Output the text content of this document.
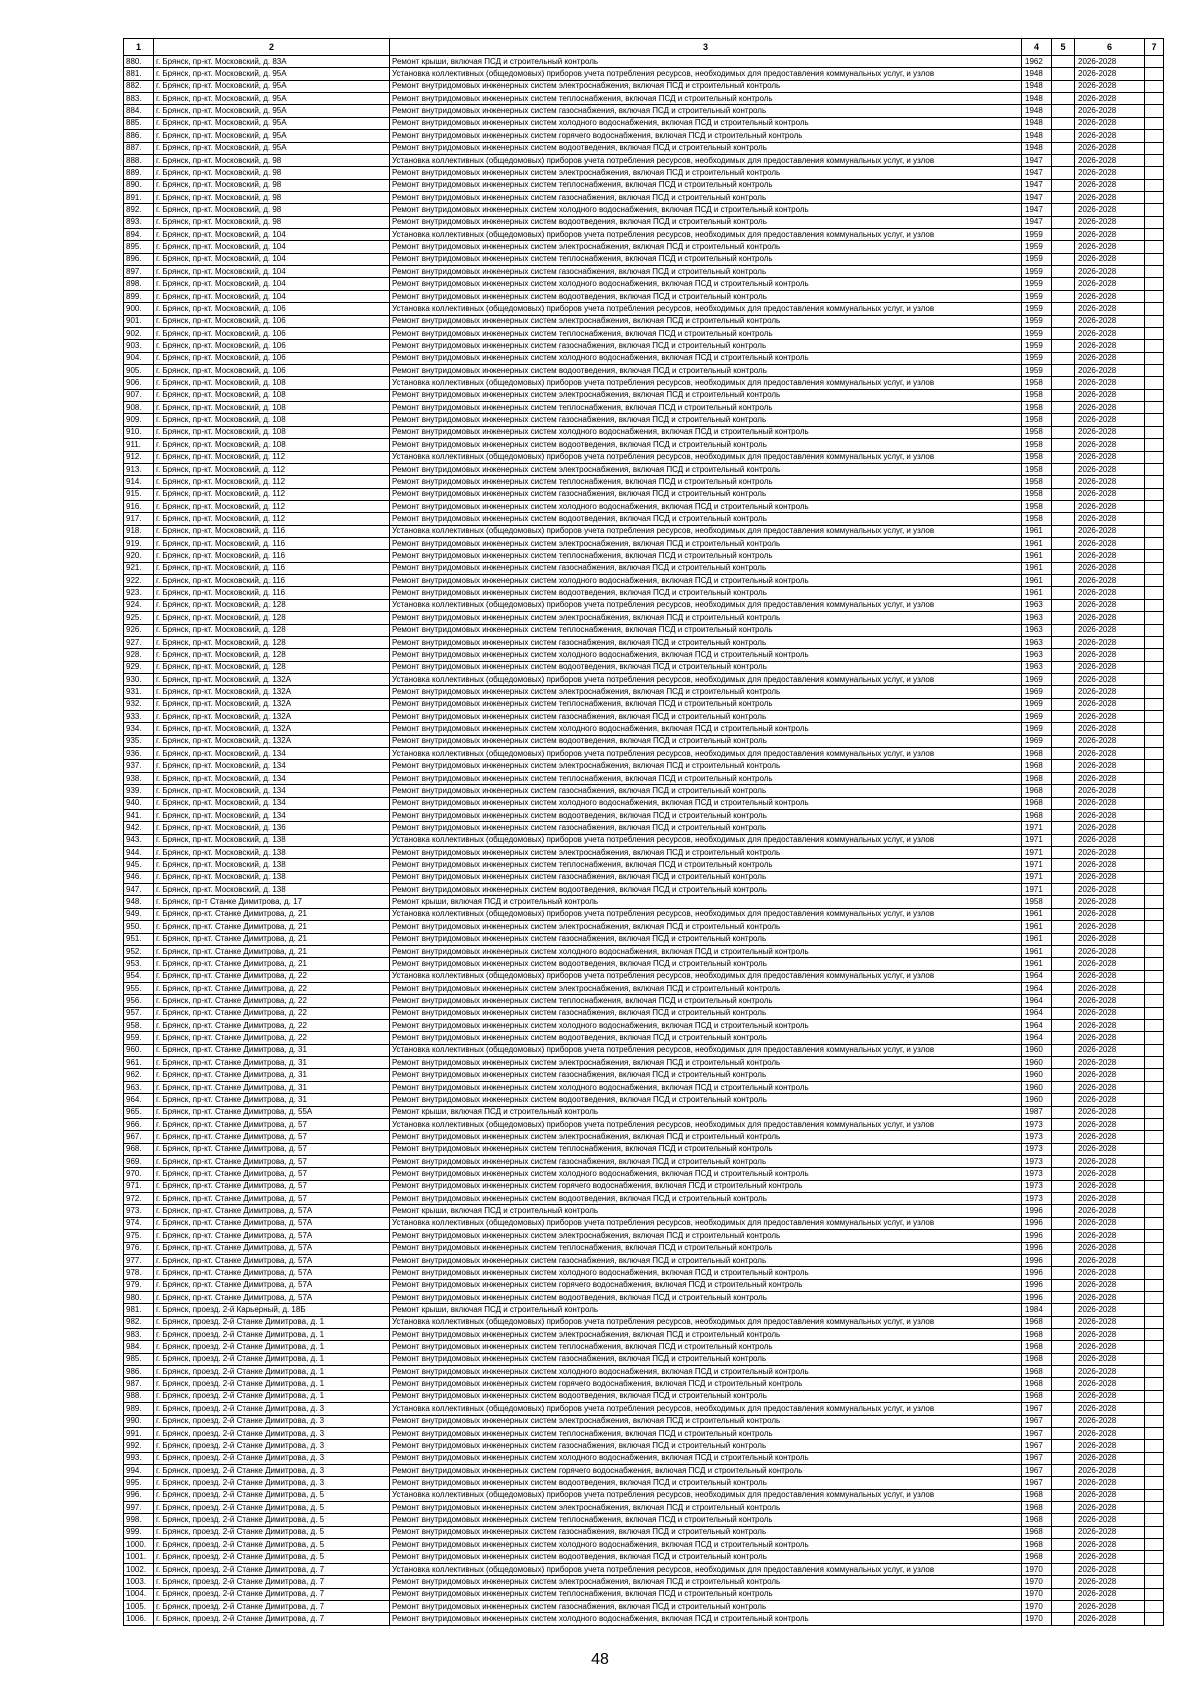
1	2	3	4	5	6	7
880.	г. Брянск, пр-кт. Московский, д. 83А	Ремонт крыши, включая ПСД и строительный контроль	1962		2026-2028	
881.	г. Брянск, пр-кт. Московский, д. 95А	Установка коллективных (общедомовых) приборов учета потребления ресурсов, необходимых для предоставления коммунальных услуг, и узлов	1948		2026-2028	
882.	г. Брянск, пр-кт. Московский, д. 95А	Ремонт внутридомовых инженерных систем электроснабжения, включая ПСД и строительный контроль	1948		2026-2028	
883.	г. Брянск, пр-кт. Московский, д. 95А	Ремонт внутридомовых инженерных систем теплоснабжения, включая ПСД и строительный контроль	1948		2026-2028	
884.	г. Брянск, пр-кт. Московский, д. 95А	Ремонт внутридомовых инженерных систем газоснабжения, включая ПСД и строительный контроль	1948		2026-2028	
885.	г. Брянск, пр-кт. Московский, д. 95А	Ремонт внутридомовых инженерных систем холодного водоснабжения, включая ПСД и строительный контроль	1948		2026-2028	
886.	г. Брянск, пр-кт. Московский, д. 95А	Ремонт внутридомовых инженерных систем горячего водоснабжения, включая ПСД и строительный контроль	1948		2026-2028	
887.	г. Брянск, пр-кт. Московский, д. 95А	Ремонт внутридомовых инженерных систем водоотведения, включая ПСД и строительный контроль	1948		2026-2028	
888.	г. Брянск, пр-кт. Московский, д. 98	Установка коллективных (общедомовых) приборов учета потребления ресурсов, необходимых для предоставления коммунальных услуг, и узлов	1947		2026-2028	
889.	г. Брянск, пр-кт. Московский, д. 98	Ремонт внутридомовых инженерных систем электроснабжения, включая ПСД и строительный контроль	1947		2026-2028	
890.	г. Брянск, пр-кт. Московский, д. 98	Ремонт внутридомовых инженерных систем теплоснабжения, включая ПСД и строительный контроль	1947		2026-2028	
891.	г. Брянск, пр-кт. Московский, д. 98	Ремонт внутридомовых инженерных систем газоснабжения, включая ПСД и строительный контроль	1947		2026-2028	
892.	г. Брянск, пр-кт. Московский, д. 98	Ремонт внутридомовых инженерных систем холодного водоснабжения, включая ПСД и строительный контроль	1947		2026-2028	
893.	г. Брянск, пр-кт. Московский, д. 98	Ремонт внутридомовых инженерных систем водоотведения, включая ПСД и строительный контроль	1947		2026-2028	
894.	г. Брянск, пр-кт. Московский, д. 104	Установка коллективных (общедомовых) приборов учета потребления ресурсов, необходимых для предоставления коммунальных услуг, и узлов	1959		2026-2028	
895.	г. Брянск, пр-кт. Московский, д. 104	Ремонт внутридомовых инженерных систем электроснабжения, включая ПСД и строительный контроль	1959		2026-2028	
896.	г. Брянск, пр-кт. Московский, д. 104	Ремонт внутридомовых инженерных систем теплоснабжения, включая ПСД и строительный контроль	1959		2026-2028	
897.	г. Брянск, пр-кт. Московский, д. 104	Ремонт внутридомовых инженерных систем газоснабжения, включая ПСД и строительный контроль	1959		2026-2028	
898.	г. Брянск, пр-кт. Московский, д. 104	Ремонт внутридомовых инженерных систем холодного водоснабжения, включая ПСД и строительный контроль	1959		2026-2028	
899.	г. Брянск, пр-кт. Московский, д. 104	Ремонт внутридомовых инженерных систем водоотведения, включая ПСД и строительный контроль	1959		2026-2028	
900.	г. Брянск, пр-кт. Московский, д. 106	Установка коллективных (общедомовых) приборов учета потребления ресурсов, необходимых для предоставления коммунальных услуг, и узлов	1959		2026-2028	
901.	г. Брянск, пр-кт. Московский, д. 106	Ремонт внутридомовых инженерных систем электроснабжения, включая ПСД и строительный контроль	1959		2026-2028	
902.	г. Брянск, пр-кт. Московский, д. 106	Ремонт внутридомовых инженерных систем теплоснабжения, включая ПСД и строительный контроль	1959		2026-2028	
903.	г. Брянск, пр-кт. Московский, д. 106	Ремонт внутридомовых инженерных систем газоснабжения, включая ПСД и строительный контроль	1959		2026-2028	
904.	г. Брянск, пр-кт. Московский, д. 106	Ремонт внутридомовых инженерных систем холодного водоснабжения, включая ПСД и строительный контроль	1959		2026-2028	
905.	г. Брянск, пр-кт. Московский, д. 106	Ремонт внутридомовых инженерных систем водоотведения, включая ПСД и строительный контроль	1959		2026-2028	
906.	г. Брянск, пр-кт. Московский, д. 108	Установка коллективных (общедомовых) приборов учета потребления ресурсов, необходимых для предоставления коммунальных услуг, и узлов	1958		2026-2028	
907.	г. Брянск, пр-кт. Московский, д. 108	Ремонт внутридомовых инженерных систем электроснабжения, включая ПСД и строительный контроль	1958		2026-2028	
908.	г. Брянск, пр-кт. Московский, д. 108	Ремонт внутридомовых инженерных систем теплоснабжения, включая ПСД и строительный контроль	1958		2026-2028	
909.	г. Брянск, пр-кт. Московский, д. 108	Ремонт внутридомовых инженерных систем газоснабжения, включая ПСД и строительный контроль	1958		2026-2028	
910.	г. Брянск, пр-кт. Московский, д. 108	Ремонт внутридомовых инженерных систем холодного водоснабжения, включая ПСД и строительный контроль	1958		2026-2028	
911.	г. Брянск, пр-кт. Московский, д. 108	Ремонт внутридомовых инженерных систем водоотведения, включая ПСД и строительный контроль	1958		2026-2028	
912.	г. Брянск, пр-кт. Московский, д. 112	Установка коллективных (общедомовых) приборов учета потребления ресурсов, необходимых для предоставления коммунальных услуг, и узлов	1958		2026-2028	
913.	г. Брянск, пр-кт. Московский, д. 112	Ремонт внутридомовых инженерных систем электроснабжения, включая ПСД и строительный контроль	1958		2026-2028	
914.	г. Брянск, пр-кт. Московский, д. 112	Ремонт внутридомовых инженерных систем теплоснабжения, включая ПСД и строительный контроль	1958		2026-2028	
915.	г. Брянск, пр-кт. Московский, д. 112	Ремонт внутридомовых инженерных систем газоснабжения, включая ПСД и строительный контроль	1958		2026-2028	
916.	г. Брянск, пр-кт. Московский, д. 112	Ремонт внутридомовых инженерных систем холодного водоснабжения, включая ПСД и строительный контроль	1958		2026-2028	
917.	г. Брянск, пр-кт. Московский, д. 112	Ремонт внутридомовых инженерных систем водоотведения, включая ПСД и строительный контроль	1958		2026-2028	
918.	г. Брянск, пр-кт. Московский, д. 116	Установка коллективных (общедомовых) приборов учета потребления ресурсов, необходимых для предоставления коммунальных услуг, и узлов	1961		2026-2028	
919.	г. Брянск, пр-кт. Московский, д. 116	Ремонт внутридомовых инженерных систем электроснабжения, включая ПСД и строительный контроль	1961		2026-2028	
920.	г. Брянск, пр-кт. Московский, д. 116	Ремонт внутридомовых инженерных систем теплоснабжения, включая ПСД и строительный контроль	1961		2026-2028	
921.	г. Брянск, пр-кт. Московский, д. 116	Ремонт внутридомовых инженерных систем газоснабжения, включая ПСД и строительный контроль	1961		2026-2028	
922.	г. Брянск, пр-кт. Московский, д. 116	Ремонт внутридомовых инженерных систем холодного водоснабжения, включая ПСД и строительный контроль	1961		2026-2028	
923.	г. Брянск, пр-кт. Московский, д. 116	Ремонт внутридомовых инженерных систем водоотведения, включая ПСД и строительный контроль	1961		2026-2028	
924.	г. Брянск, пр-кт. Московский, д. 128	Установка коллективных (общедомовых) приборов учета потребления ресурсов, необходимых для предоставления коммунальных услуг, и узлов	1963		2026-2028	
925.	г. Брянск, пр-кт. Московский, д. 128	Ремонт внутридомовых инженерных систем электроснабжения, включая ПСД и строительный контроль	1963		2026-2028	
926.	г. Брянск, пр-кт. Московский, д. 128	Ремонт внутридомовых инженерных систем теплоснабжения, включая ПСД и строительный контроль	1963		2026-2028	
927.	г. Брянск, пр-кт. Московский, д. 128	Ремонт внутридомовых инженерных систем газоснабжения, включая ПСД и строительный контроль	1963		2026-2028	
928.	г. Брянск, пр-кт. Московский, д. 128	Ремонт внутридомовых инженерных систем холодного водоснабжения, включая ПСД и строительный контроль	1963		2026-2028	
929.	г. Брянск, пр-кт. Московский, д. 128	Ремонт внутридомовых инженерных систем водоотведения, включая ПСД и строительный контроль	1963		2026-2028	
930.	г. Брянск, пр-кт. Московский, д. 132А	Установка коллективных (общедомовых) приборов учета потребления ресурсов, необходимых для предоставления коммунальных услуг, и узлов	1969		2026-2028	
931.	г. Брянск, пр-кт. Московский, д. 132А	Ремонт внутридомовых инженерных систем электроснабжения, включая ПСД и строительный контроль	1969		2026-2028	
932.	г. Брянск, пр-кт. Московский, д. 132А	Ремонт внутридомовых инженерных систем теплоснабжения, включая ПСД и строительный контроль	1969		2026-2028	
933.	г. Брянск, пр-кт. Московский, д. 132А	Ремонт внутридомовых инженерных систем газоснабжения, включая ПСД и строительный контроль	1969		2026-2028	
934.	г. Брянск, пр-кт. Московский, д. 132А	Ремонт внутридомовых инженерных систем холодного водоснабжения, включая ПСД и строительный контроль	1969		2026-2028	
935.	г. Брянск, пр-кт. Московский, д. 132А	Ремонт внутридомовых инженерных систем водоотведения, включая ПСД и строительный контроль	1969		2026-2028	
936.	г. Брянск, пр-кт. Московский, д. 134	Установка коллективных (общедомовых) приборов учета потребления ресурсов, необходимых для предоставления коммунальных услуг, и узлов	1968		2026-2028	
937.	г. Брянск, пр-кт. Московский, д. 134	Ремонт внутридомовых инженерных систем электроснабжения, включая ПСД и строительный контроль	1968		2026-2028	
938.	г. Брянск, пр-кт. Московский, д. 134	Ремонт внутридомовых инженерных систем теплоснабжения, включая ПСД и строительный контроль	1968		2026-2028	
939.	г. Брянск, пр-кт. Московский, д. 134	Ремонт внутридомовых инженерных систем газоснабжения, включая ПСД и строительный контроль	1968		2026-2028	
940.	г. Брянск, пр-кт. Московский, д. 134	Ремонт внутридомовых инженерных систем холодного водоснабжения, включая ПСД и строительный контроль	1968		2026-2028	
941.	г. Брянск, пр-кт. Московский, д. 134	Ремонт внутридомовых инженерных систем водоотведения, включая ПСД и строительный контроль	1968		2026-2028	
942.	г. Брянск, пр-кт. Московский, д. 136	Ремонт внутридомовых инженерных систем газоснабжения, включая ПСД и строительный контроль	1971		2026-2028	
943.	г. Брянск, пр-кт. Московский, д. 138	Установка коллективных (общедомовых) приборов учета потребления ресурсов, необходимых для предоставления коммунальных услуг, и узлов	1971		2026-2028	
944.	г. Брянск, пр-кт. Московский, д. 138	Ремонт внутридомовых инженерных систем электроснабжения, включая ПСД и строительный контроль	1971		2026-2028	
945.	г. Брянск, пр-кт. Московский, д. 138	Ремонт внутридомовых инженерных систем теплоснабжения, включая ПСД и строительный контроль	1971		2026-2028	
946.	г. Брянск, пр-кт. Московский, д. 138	Ремонт внутридомовых инженерных систем газоснабжения, включая ПСД и строительный контроль	1971		2026-2028	
947.	г. Брянск, пр-кт. Московский, д. 138	Ремонт внутридомовых инженерных систем водоотведения, включая ПСД и строительный контроль	1971		2026-2028	
948.	г. Брянск, пр-т Станке Димитрова, д. 17	Ремонт крыши, включая ПСД и строительный контроль	1958		2026-2028	
949.	г. Брянск, пр-кт. Станке Димитрова, д. 21	Установка коллективных (общедомовых) приборов учета потребления ресурсов, необходимых для предоставления коммунальных услуг, и узлов	1961		2026-2028	
950.	г. Брянск, пр-кт. Станке Димитрова, д. 21	Ремонт внутридомовых инженерных систем электроснабжения, включая ПСД и строительный контроль	1961		2026-2028	
951.	г. Брянск, пр-кт. Станке Димитрова, д. 21	Ремонт внутридомовых инженерных систем газоснабжения, включая ПСД и строительный контроль	1961		2026-2028	
952.	г. Брянск, пр-кт. Станке Димитрова, д. 21	Ремонт внутридомовых инженерных систем холодного водоснабжения, включая ПСД и строительный контроль	1961		2026-2028	
953.	г. Брянск, пр-кт. Станке Димитрова, д. 21	Ремонт внутридомовых инженерных систем водоотведения, включая ПСД и строительный контроль	1961		2026-2028	
954.	г. Брянск, пр-кт. Станке Димитрова, д. 22	Установка коллективных (общедомовых) приборов учета потребления ресурсов, необходимых для предоставления коммунальных услуг, и узлов	1964		2026-2028	
955.	г. Брянск, пр-кт. Станке Димитрова, д. 22	Ремонт внутридомовых инженерных систем электроснабжения, включая ПСД и строительный контроль	1964		2026-2028	
956.	г. Брянск, пр-кт. Станке Димитрова, д. 22	Ремонт внутридомовых инженерных систем теплоснабжения, включая ПСД и строительный контроль	1964		2026-2028	
957.	г. Брянск, пр-кт. Станке Димитрова, д. 22	Ремонт внутридомовых инженерных систем газоснабжения, включая ПСД и строительный контроль	1964		2026-2028	
958.	г. Брянск, пр-кт. Станке Димитрова, д. 22	Ремонт внутридомовых инженерных систем холодного водоснабжения, включая ПСД и строительный контроль	1964		2026-2028	
959.	г. Брянск, пр-кт. Станке Димитрова, д. 22	Ремонт внутридомовых инженерных систем водоотведения, включая ПСД и строительный контроль	1964		2026-2028	
960.	г. Брянск, пр-кт. Станке Димитрова, д. 31	Установка коллективных (общедомовых) приборов учета потребления ресурсов, необходимых для предоставления коммунальных услуг, и узлов	1960		2026-2028	
961.	г. Брянск, пр-кт. Станке Димитрова, д. 31	Ремонт внутридомовых инженерных систем электроснабжения, включая ПСД и строительный контроль	1960		2026-2028	
962.	г. Брянск, пр-кт. Станке Димитрова, д. 31	Ремонт внутридомовых инженерных систем газоснабжения, включая ПСД и строительный контроль	1960		2026-2028	
963.	г. Брянск, пр-кт. Станке Димитрова, д. 31	Ремонт внутридомовых инженерных систем холодного водоснабжения, включая ПСД и строительный контроль	1960		2026-2028	
964.	г. Брянск, пр-кт. Станке Димитрова, д. 31	Ремонт внутридомовых инженерных систем водоотведения, включая ПСД и строительный контроль	1960		2026-2028	
965.	г. Брянск, пр-кт. Станке Димитрова, д. 55А	Ремонт крыши, включая ПСД и строительный контроль	1987		2026-2028	
966.	г. Брянск, пр-кт. Станке Димитрова, д. 57	Установка коллективных (общедомовых) приборов учета потребления ресурсов, необходимых для предоставления коммунальных услуг, и узлов	1973		2026-2028	
967.	г. Брянск, пр-кт. Станке Димитрова, д. 57	Ремонт внутридомовых инженерных систем электроснабжения, включая ПСД и строительный контроль	1973		2026-2028	
968.	г. Брянск, пр-кт. Станке Димитрова, д. 57	Ремонт внутридомовых инженерных систем теплоснабжения, включая ПСД и строительный контроль	1973		2026-2028	
969.	г. Брянск, пр-кт. Станке Димитрова, д. 57	Ремонт внутридомовых инженерных систем газоснабжения, включая ПСД и строительный контроль	1973		2026-2028	
970.	г. Брянск, пр-кт. Станке Димитрова, д. 57	Ремонт внутридомовых инженерных систем холодного водоснабжения, включая ПСД и строительный контроль	1973		2026-2028	
971.	г. Брянск, пр-кт. Станке Димитрова, д. 57	Ремонт внутридомовых инженерных систем горячего водоснабжения, включая ПСД и строительный контроль	1973		2026-2028	
972.	г. Брянск, пр-кт. Станке Димитрова, д. 57	Ремонт внутридомовых инженерных систем водоотведения, включая ПСД и строительный контроль	1973		2026-2028	
973.	г. Брянск, пр-кт. Станке Димитрова, д. 57А	Ремонт крыши, включая ПСД и строительный контроль	1996		2026-2028	
974.	г. Брянск, пр-кт. Станке Димитрова, д. 57А	Установка коллективных (общедомовых) приборов учета потребления ресурсов, необходимых для предоставления коммунальных услуг, и узлов	1996		2026-2028	
975.	г. Брянск, пр-кт. Станке Димитрова, д. 57А	Ремонт внутридомовых инженерных систем электроснабжения, включая ПСД и строительный контроль	1996		2026-2028	
976.	г. Брянск, пр-кт. Станке Димитрова, д. 57А	Ремонт внутридомовых инженерных систем теплоснабжения, включая ПСД и строительный контроль	1996		2026-2028	
977.	г. Брянск, пр-кт. Станке Димитрова, д. 57А	Ремонт внутридомовых инженерных систем газоснабжения, включая ПСД и строительный контроль	1996		2026-2028	
978.	г. Брянск, пр-кт. Станке Димитрова, д. 57А	Ремонт внутридомовых инженерных систем холодного водоснабжения, включая ПСД и строительный контроль	1996		2026-2028	
979.	г. Брянск, пр-кт. Станке Димитрова, д. 57А	Ремонт внутридомовых инженерных систем горячего водоснабжения, включая ПСД и строительный контроль	1996		2026-2028	
980.	г. Брянск, пр-кт. Станке Димитрова, д. 57А	Ремонт внутридомовых инженерных систем водоотведения, включая ПСД и строительный контроль	1996		2026-2028	
981.	г. Брянск, проезд. 2-й Карьерный, д. 18Б	Ремонт крыши, включая ПСД и строительный контроль	1984		2026-2028	
982.	г. Брянск, проезд. 2-й Станке Димитрова, д. 1	Установка коллективных (общедомовых) приборов учета потребления ресурсов, необходимых для предоставления коммунальных услуг, и узлов	1968		2026-2028	
983.	г. Брянск, проезд. 2-й Станке Димитрова, д. 1	Ремонт внутридомовых инженерных систем электроснабжения, включая ПСД и строительный контроль	1968		2026-2028	
984.	г. Брянск, проезд. 2-й Станке Димитрова, д. 1	Ремонт внутридомовых инженерных систем теплоснабжения, включая ПСД и строительный контроль	1968		2026-2028	
985.	г. Брянск, проезд. 2-й Станке Димитрова, д. 1	Ремонт внутридомовых инженерных систем газоснабжения, включая ПСД и строительный контроль	1968		2026-2028	
986.	г. Брянск, проезд. 2-й Станке Димитрова, д. 1	Ремонт внутридомовых инженерных систем холодного водоснабжения, включая ПСД и строительный контроль	1968		2026-2028	
987.	г. Брянск, проезд. 2-й Станке Димитрова, д. 1	Ремонт внутридомовых инженерных систем горячего водоснабжения, включая ПСД и строительный контроль	1968		2026-2028	
988.	г. Брянск, проезд. 2-й Станке Димитрова, д. 1	Ремонт внутридомовых инженерных систем водоотведения, включая ПСД и строительный контроль	1968		2026-2028	
989.	г. Брянск, проезд. 2-й Станке Димитрова, д. 3	Установка коллективных (общедомовых) приборов учета потребления ресурсов, необходимых для предоставления коммунальных услуг, и узлов	1967		2026-2028	
990.	г. Брянск, проезд. 2-й Станке Димитрова, д. 3	Ремонт внутридомовых инженерных систем электроснабжения, включая ПСД и строительный контроль	1967		2026-2028	
991.	г. Брянск, проезд. 2-й Станке Димитрова, д. 3	Ремонт внутридомовых инженерных систем теплоснабжения, включая ПСД и строительный контроль	1967		2026-2028	
992.	г. Брянск, проезд. 2-й Станке Димитрова, д. 3	Ремонт внутридомовых инженерных систем газоснабжения, включая ПСД и строительный контроль	1967		2026-2028	
993.	г. Брянск, проезд. 2-й Станке Димитрова, д. 3	Ремонт внутридомовых инженерных систем холодного водоснабжения, включая ПСД и строительный контроль	1967		2026-2028	
994.	г. Брянск, проезд. 2-й Станке Димитрова, д. 3	Ремонт внутридомовых инженерных систем горячего водоснабжения, включая ПСД и строительный контроль	1967		2026-2028	
995.	г. Брянск, проезд. 2-й Станке Димитрова, д. 3	Ремонт внутридомовых инженерных систем водоотведения, включая ПСД и строительный контроль	1967		2026-2028	
996.	г. Брянск, проезд. 2-й Станке Димитрова, д. 5	Установка коллективных (общедомовых) приборов учета потребления ресурсов, необходимых для предоставления коммунальных услуг, и узлов	1968		2026-2028	
997.	г. Брянск, проезд. 2-й Станке Димитрова, д. 5	Ремонт внутридомовых инженерных систем электроснабжения, включая ПСД и строительный контроль	1968		2026-2028	
998.	г. Брянск, проезд. 2-й Станке Димитрова, д. 5	Ремонт внутридомовых инженерных систем теплоснабжения, включая ПСД и строительный контроль	1968		2026-2028	
999.	г. Брянск, проезд. 2-й Станке Димитрова, д. 5	Ремонт внутридомовых инженерных систем газоснабжения, включая ПСД и строительный контроль	1968		2026-2028	
1000.	г. Брянск, проезд. 2-й Станке Димитрова, д. 5	Ремонт внутридомовых инженерных систем холодного водоснабжения, включая ПСД и строительный контроль	1968		2026-2028	
1001.	г. Брянск, проезд. 2-й Станке Димитрова, д. 5	Ремонт внутридомовых инженерных систем водоотведения, включая ПСД и строительный контроль	1968		2026-2028	
1002.	г. Брянск, проезд. 2-й Станке Димитрова, д. 7	Установка коллективных (общедомовых) приборов учета потребления ресурсов, необходимых для предоставления коммунальных услуг, и узлов	1970		2026-2028	
1003.	г. Брянск, проезд. 2-й Станке Димитрова, д. 7	Ремонт внутридомовых инженерных систем электроснабжения, включая ПСД и строительный контроль	1970		2026-2028	
1004.	г. Брянск, проезд. 2-й Станке Димитрова, д. 7	Ремонт внутридомовых инженерных систем теплоснабжения, включая ПСД и строительный контроль	1970		2026-2028	
1005.	г. Брянск, проезд. 2-й Станке Димитрова, д. 7	Ремонт внутридомовых инженерных систем газоснабжения, включая ПСД и строительный контроль	1970		2026-2028	
1006.	г. Брянск, проезд. 2-й Станке Димитрова, д. 7	Ремонт внутридомовых инженерных систем холодного водоснабжения, включая ПСД и строительный контроль	1970		2026-2028	
48
